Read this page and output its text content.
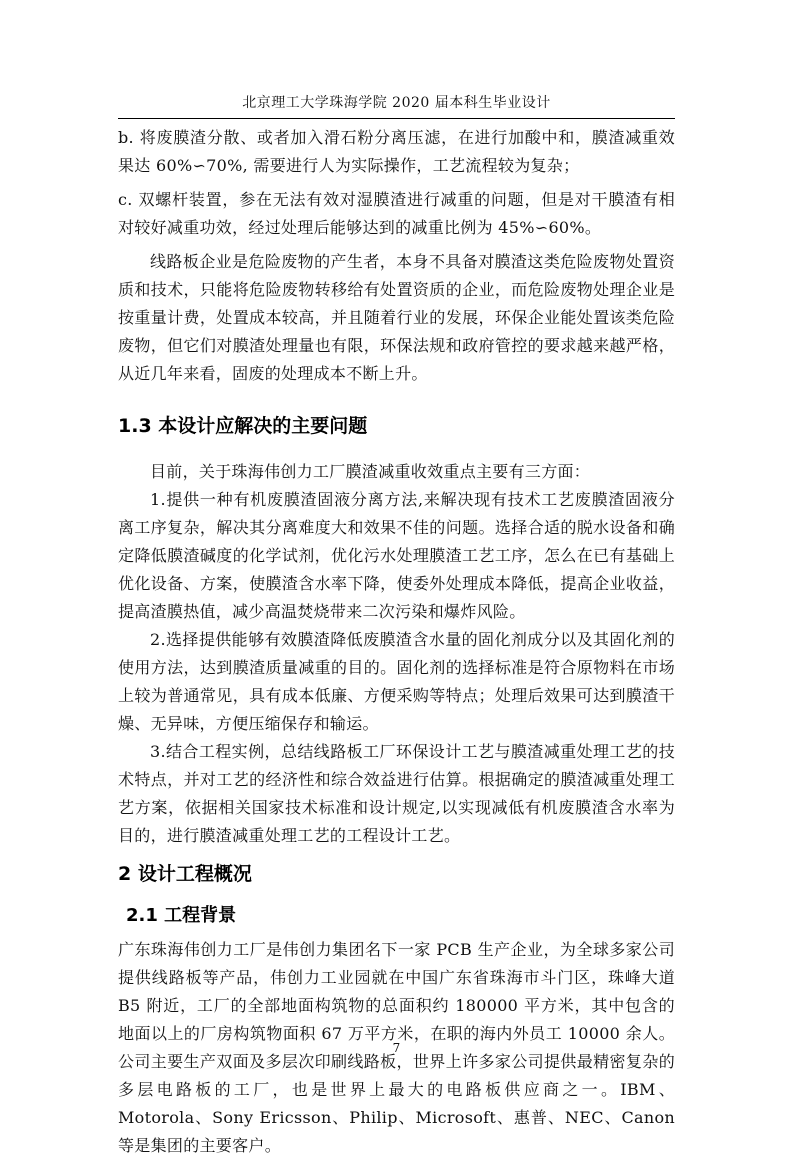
北京理工大学珠海学院 2020 届本科生毕业设计

b. 将废膜渣分散、或者加入滑石粉分离压滤，在进行加酸中和，膜渣减重效果达 60%∽70%, 需要进行人为实际操作，工艺流程较为复杂；

c. 双螺杆装置，参在无法有效对湿膜渣进行减重的问题，但是对干膜渣有相对较好减重功效，经过处理后能够达到的减重比例为 45%∽60%。

线路板企业是危险废物的产生者，本身不具备对膜渣这类危险废物处置资质和技术，只能将危险废物转移给有处置资质的企业，而危险废物处理企业是按重量计费，处置成本较高，并且随着行业的发展，环保企业能处置该类危险废物，但它们对膜渣处理量也有限，环保法规和政府管控的要求越来越严格，从近几年来看，固废的处理成本不断上升。

1.3 本设计应解决的主要问题

目前，关于珠海伟创力工厂膜渣减重收效重点主要有三方面：

1.提供一种有机废膜渣固液分离方法,来解决现有技术工艺废膜渣固液分离工序复杂，解决其分离难度大和效果不佳的问题。选择合适的脱水设备和确定降低膜渣碱度的化学试剂，优化污水处理膜渣工艺工序，怎么在已有基础上优化设备、方案，使膜渣含水率下降，使委外处理成本降低，提高企业收益，提高渣膜热值，减少高温焚烧带来二次污染和爆炸风险。

2.选择提供能够有效膜渣降低废膜渣含水量的固化剂成分以及其固化剂的使用方法，达到膜渣质量减重的目的。固化剂的选择标准是符合原物料在市场上较为普通常见，具有成本低廉、方便采购等特点；处理后效果可达到膜渣干燥、无异味，方便压缩保存和输运。

3.结合工程实例，总结线路板工厂环保设计工艺与膜渣减重处理工艺的技术特点，并对工艺的经济性和综合效益进行估算。根据确定的膜渣减重处理工艺方案，依据相关国家技术标准和设计规定,以实现减低有机废膜渣含水率为目的，进行膜渣减重处理工艺的工程设计工艺。

2 设计工程概况
2.1 工程背景

广东珠海伟创力工厂是伟创力集团名下一家 PCB 生产企业，为全球多家公司提供线路板等产品，伟创力工业园就在中国广东省珠海市斗门区，珠峰大道 B5 附近，工厂的全部地面构筑物的总面积约 180000 平方米，其中包含的地面以上的厂房构筑物面积 67 万平方米，在职的海内外员工 10000 余人。公司主要生产双面及多层次印刷线路板，世界上许多家公司提供最精密复杂的多层电路板的工厂，也是世界上最大的电路板供应商之一。IBM、Motorola、Sony Ericsson、Philip、Microsoft、惠普、NEC、Canon 等是集团的主要客户。

7
